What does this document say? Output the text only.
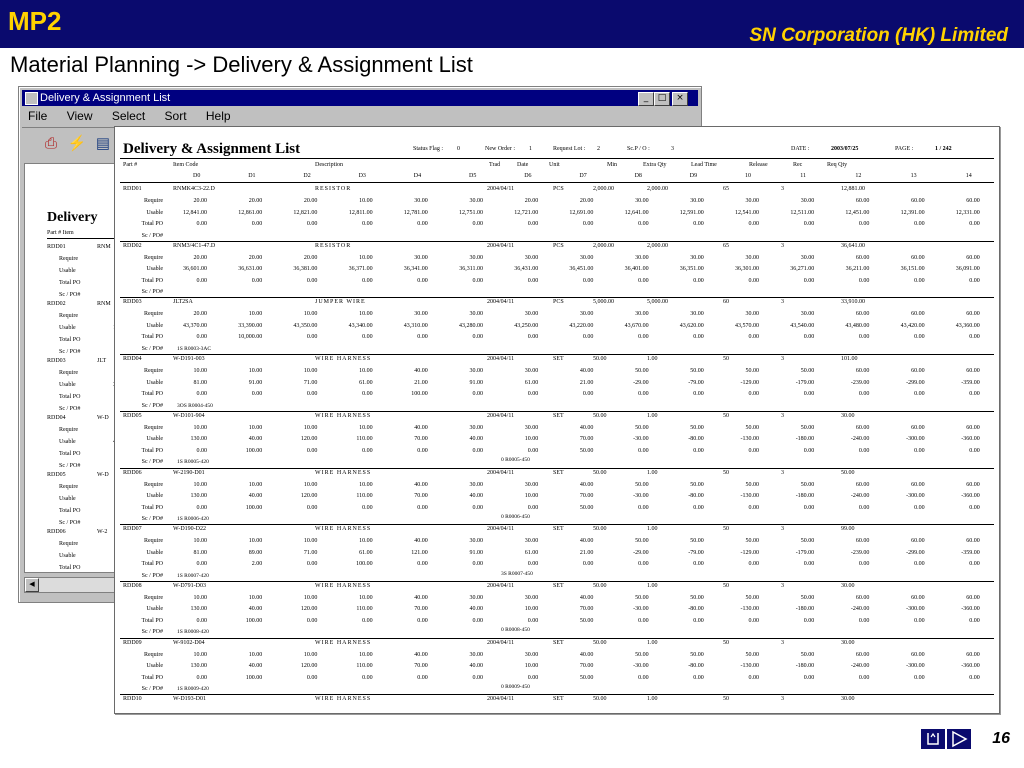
MP2	SN Corporation (HK) Limited
Material Planning -> Delivery & Assignment List
Delivery & Assignment List	_	□	×
File View Select Sort Help
⎙ ⚡ ▤
Delivery
Part # Item
RDD01	RNM
Require
Usable
Total PO
Sc / PO#
RDD02	RNM
Require
Usable
Total PO
Sc / PO#
RDD03	JLT
Require
Usable
Total PO
Sc / PO#
RDD04	W-D
Require
Usable
Total PO
Sc / PO#
RDD05	W-D
Require
Usable
Total PO
Sc / PO#
RDD06	W-2
Require
Usable
Total PO
◀
Delivery & Assignment List	Status Flag : 0	New Order : 1	Request Lot : 2	Sc.P / O :	3	DATE :	2003/07/25	PAGE :	1 / 242
Part #	Item Code	Description	Trad	Date	Unit	Min	Extra Qty	Lead Time	Release	Rec	Req Qty
D0	D1	D2	D3	D4	D5	D6	D7	D8	D9	10	11	12	13	14
RDD01	RNMK4C3-22.D	RESISTOR	2004/04/11	PCS	2,000.00	2,000.00	65	3	12,881.00
Require	20.00	20.00	20.00	10.00	30.00	30.00	20.00	20.00	30.00	30.00	30.00	30.00	60.00	60.00	60.00
Usable	12,841.00	12,861.00	12,821.00	12,811.00	12,781.00	12,751.00	12,721.00	12,691.00	12,641.00	12,591.00	12,541.00	12,511.00	12,451.00	12,391.00	12,331.00
Total PO	0.00	0.00	0.00	0.00	0.00	0.00	0.00	0.00	0.00	0.00	0.00	0.00	0.00	0.00	0.00
Sc / PO#
RDD02	RNM3/4C1-47.D	RESISTOR	2004/04/11	PCS	2,000.00	2,000.00	65	3	36,641.00
Require	20.00	20.00	20.00	10.00	30.00	30.00	30.00	30.00	30.00	30.00	30.00	30.00	60.00	60.00	60.00
Usable	36,601.00	36,631.00	36,381.00	36,371.00	36,341.00	36,311.00	36,431.00	36,451.00	36,401.00	36,351.00	36,301.00	36,271.00	36,211.00	36,151.00	36,091.00
Total PO	0.00	0.00	0.00	0.00	0.00	0.00	0.00	0.00	0.00	0.00	0.00	0.00	0.00	0.00	0.00
Sc / PO#
RDD03	JLT2SA	JUMPER WIRE	2004/04/11	PCS	5,000.00	5,000.00	60	3	33,910.00
Require	20.00	10.00	10.00	10.00	30.00	30.00	30.00	30.00	30.00	30.00	30.00	30.00	60.00	60.00	60.00
Usable	43,370.00	33,390.00	43,350.00	43,340.00	43,310.00	43,280.00	43,250.00	43,220.00	43,670.00	43,620.00	43,570.00	43,540.00	43,480.00	43,420.00	43,360.00
Total PO	0.00	10,000.00	0.00	0.00	0.00	0.00	0.00	0.00	0.00	0.00	0.00	0.00	0.00	0.00	0.00
Sc / PO#	1S R0003-3AC
RDD04	W-D191-003	WIRE HARNESS	2004/04/11	SET	50.00	1.00	50	3	101.00
Require	10.00	10.00	10.00	10.00	40.00	30.00	30.00	40.00	50.00	50.00	50.00	50.00	60.00	60.00	60.00
Usable	81.00	91.00	71.00	61.00	21.00	91.00	61.00	21.00	-29.00	-79.00	-129.00	-179.00	-239.00	-299.00	-359.00
Total PO	0.00	0.00	0.00	0.00	100.00	0.00	0.00	0.00	0.00	0.00	0.00	0.00	0.00	0.00	0.00
Sc / PO#	3OS R0004-450
RDD05	W-D101-904	WIRE HARNESS	2004/04/11	SET	50.00	1.00	50	3	30.00
Require	10.00	10.00	10.00	10.00	40.00	30.00	30.00	40.00	50.00	50.00	50.00	50.00	60.00	60.00	60.00
Usable	130.00	40.00	120.00	110.00	70.00	40.00	10.00	70.00	-30.00	-80.00	-130.00	-180.00	-240.00	-300.00	-360.00
Total PO	0.00	100.00	0.00	0.00	0.00	0.00	0.00	50.00	0.00	0.00	0.00	0.00	0.00	0.00	0.00
Sc / PO#	1S R0005-420	0 R0005-450
RDD06	W-2190-D01	WIRE HARNESS	2004/04/11	SET	50.00	1.00	50	3	50.00
Require	10.00	10.00	10.00	10.00	40.00	30.00	30.00	40.00	50.00	50.00	50.00	50.00	60.00	60.00	60.00
Usable	130.00	40.00	120.00	110.00	70.00	40.00	10.00	70.00	-30.00	-80.00	-130.00	-180.00	-240.00	-300.00	-360.00
Total PO	0.00	100.00	0.00	0.00	0.00	0.00	0.00	50.00	0.00	0.00	0.00	0.00	0.00	0.00	0.00
Sc / PO#	1S R0006-420	0 R0006-450
RDD07	W-D190-D22	WIRE HARNESS	2004/04/11	SET	50.00	1.00	50	3	99.00
Require	10.00	10.00	10.00	10.00	40.00	30.00	30.00	40.00	50.00	50.00	50.00	50.00	60.00	60.00	60.00
Usable	81.00	89.00	71.00	61.00	121.00	91.00	61.00	21.00	-29.00	-79.00	-129.00	-179.00	-239.00	-299.00	-359.00
Total PO	0.00	2.00	0.00	100.00	0.00	0.00	0.00	0.00	0.00	0.00	0.00	0.00	0.00	0.00	0.00
Sc / PO#	1S R0007-420	3S R0007-450
RDD08	W-D791-D03	WIRE HARNESS	2004/04/11	SET	50.00	1.00	50	3	30.00
Require	10.00	10.00	10.00	10.00	40.00	30.00	30.00	40.00	50.00	50.00	50.00	50.00	60.00	60.00	60.00
Usable	130.00	40.00	120.00	110.00	70.00	40.00	10.00	70.00	-30.00	-80.00	-130.00	-180.00	-240.00	-300.00	-360.00
Total PO	0.00	100.00	0.00	0.00	0.00	0.00	0.00	50.00	0.00	0.00	0.00	0.00	0.00	0.00	0.00
Sc / PO#	1S R0008-420	0 R0008-450
RDD09	W-9102-D04	WIRE HARNESS	2004/04/11	SET	50.00	1.00	50	3	30.00
Require	10.00	10.00	10.00	10.00	40.00	30.00	30.00	40.00	50.00	50.00	50.00	50.00	60.00	60.00	60.00
Usable	130.00	40.00	120.00	110.00	70.00	40.00	10.00	70.00	-30.00	-80.00	-130.00	-180.00	-240.00	-300.00	-360.00
Total PO	0.00	100.00	0.00	0.00	0.00	0.00	0.00	50.00	0.00	0.00	0.00	0.00	0.00	0.00	0.00
Sc / PO#	1S R0009-420	0 R0009-450
RDD10	W-D193-D01	WIRE HARNESS	2004/04/11	SET	50.00	1.00	50	3	30.00
16
